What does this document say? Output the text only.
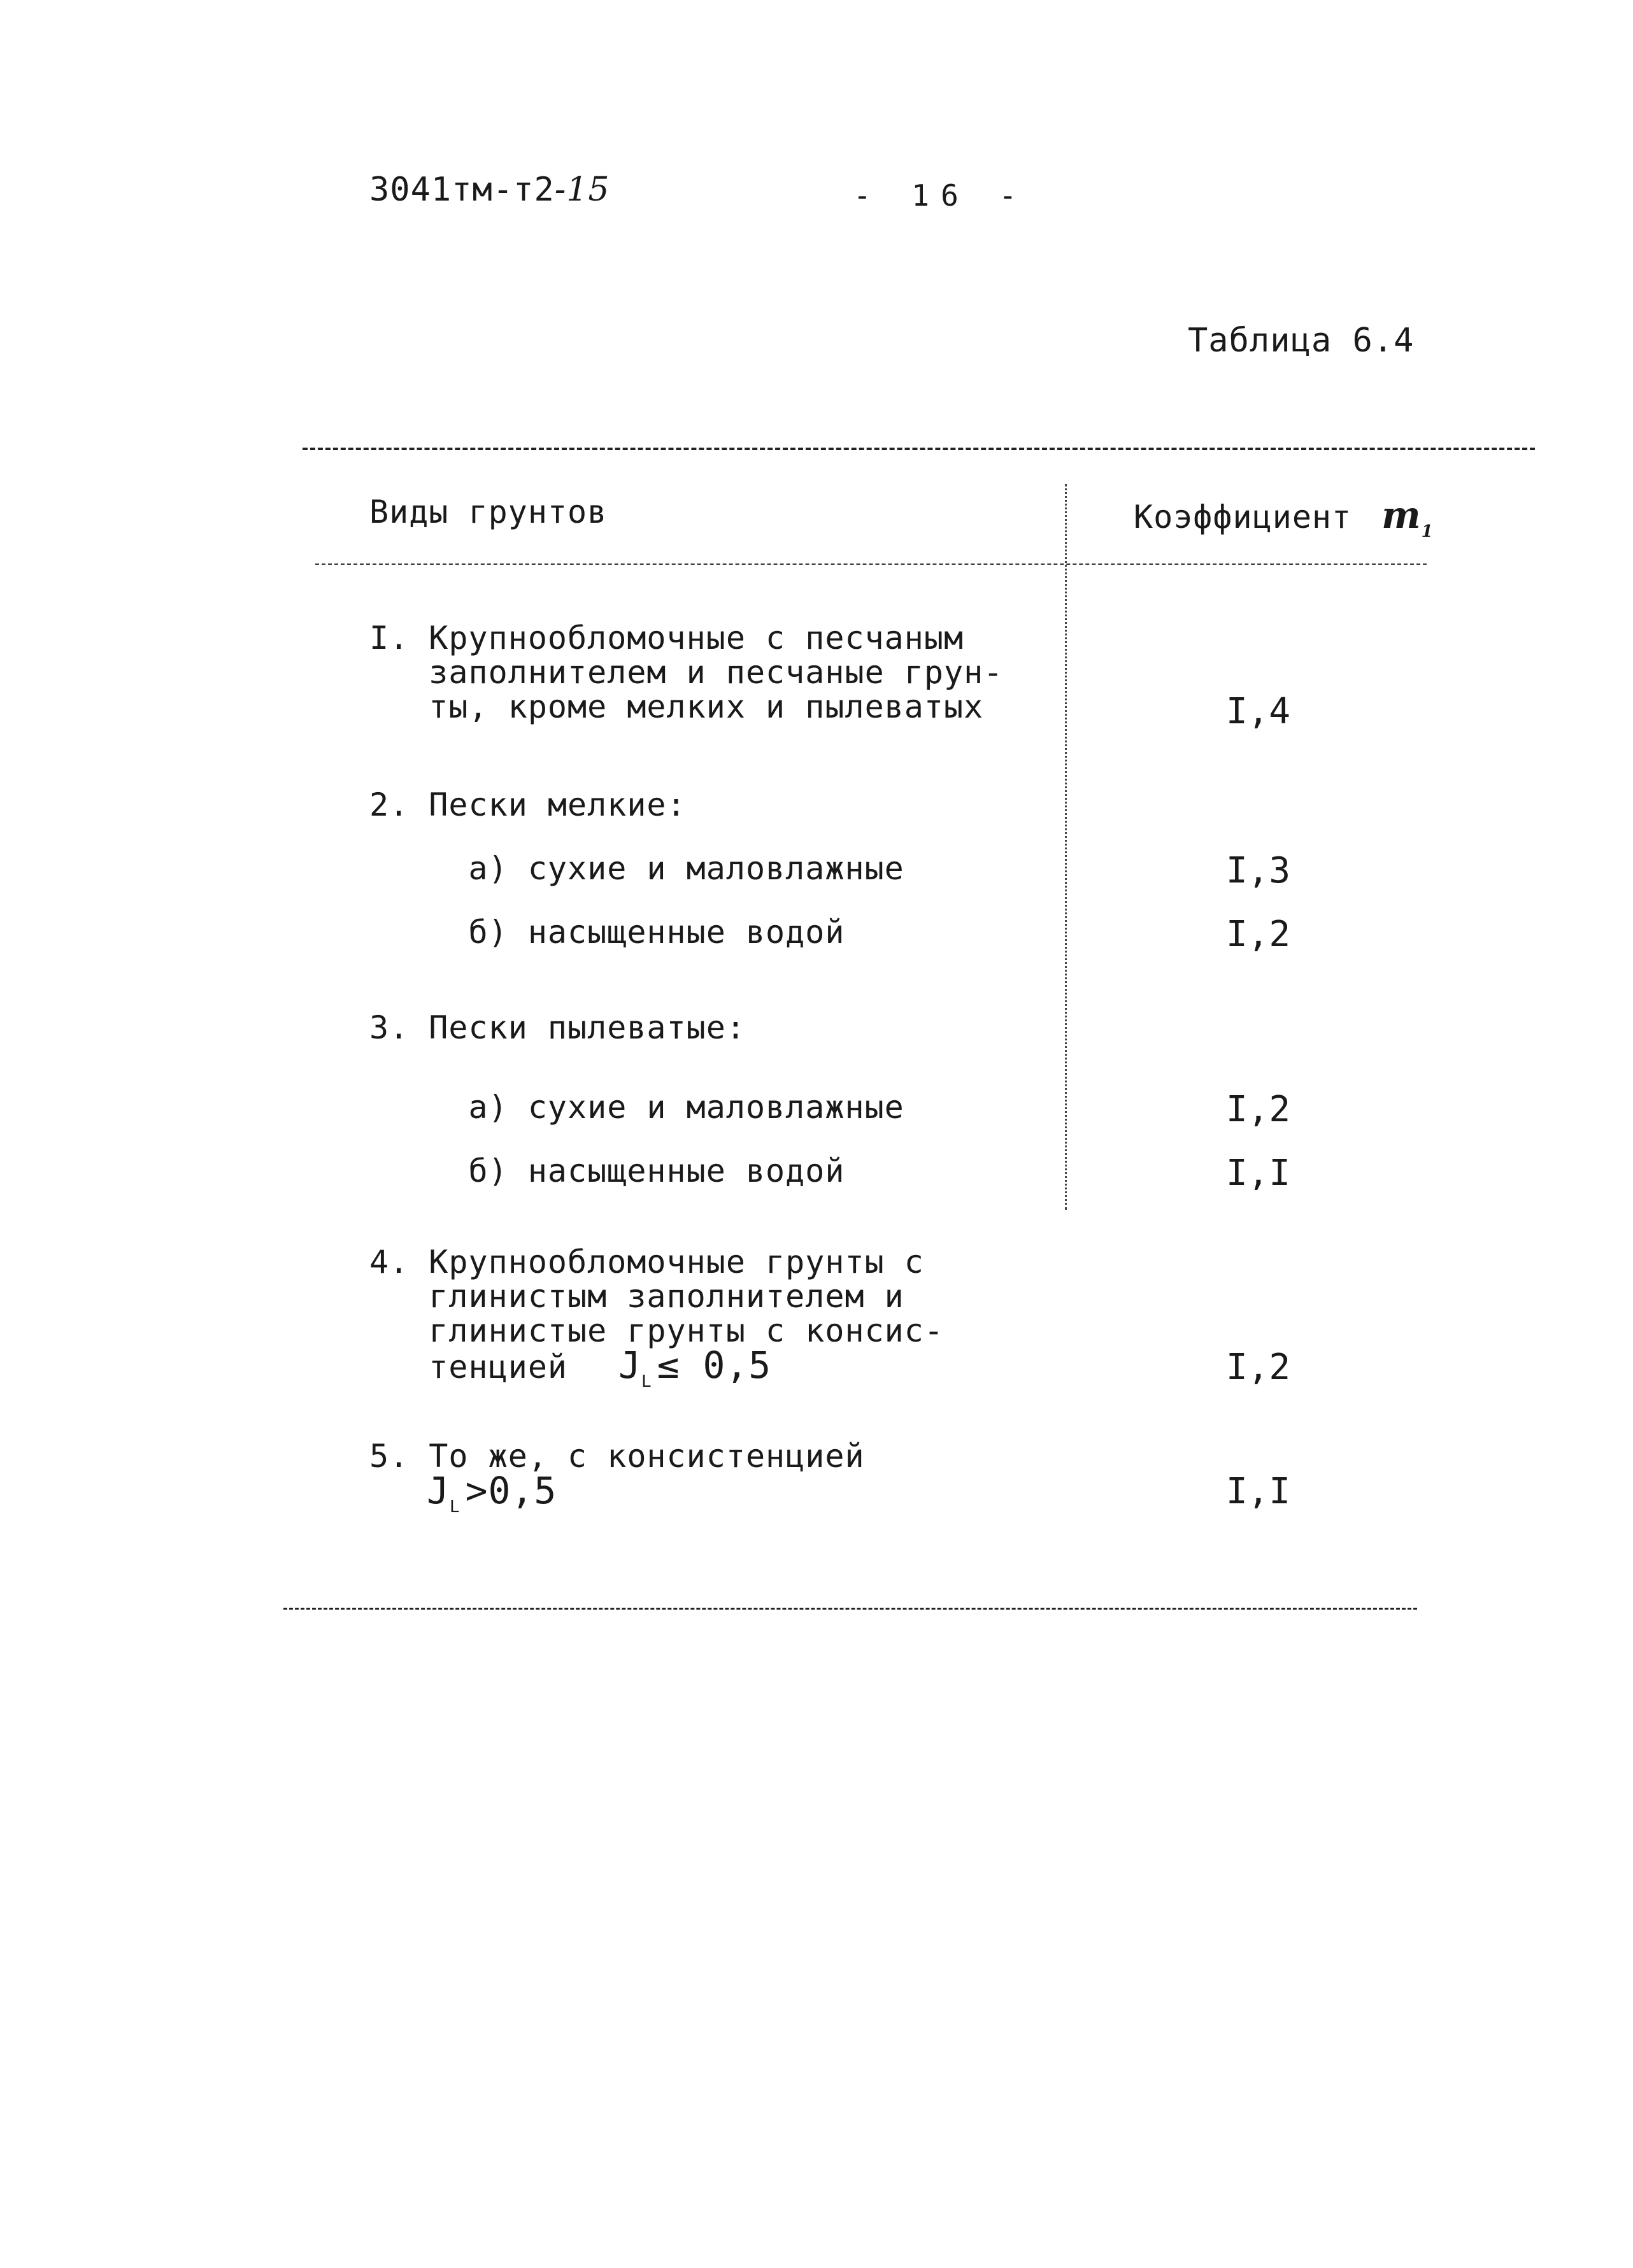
3041тм-т2-15	- 16 -
Таблица 6.4
Виды грунтов	Коэффициент $m_1$
I. Крупнообломочные с песчаным
заполнителем и песчаные грун-
ты, кроме мелких и пылеватых	I,4
2. Пески мелкие:
а) сухие и маловлажные	I,3
б) насыщенные водой	I,2
3. Пески пылеватые:
а) сухие и маловлажные	I,2
б) насыщенные водой	I,I
4. Крупнообломочные грунты с
глинистым заполнителем и
глинистые грунты с консис-
тенцией $J_L \le 0,5$	I,2
5. То же, с консистенцией
$J_L >0,5$	I,I
